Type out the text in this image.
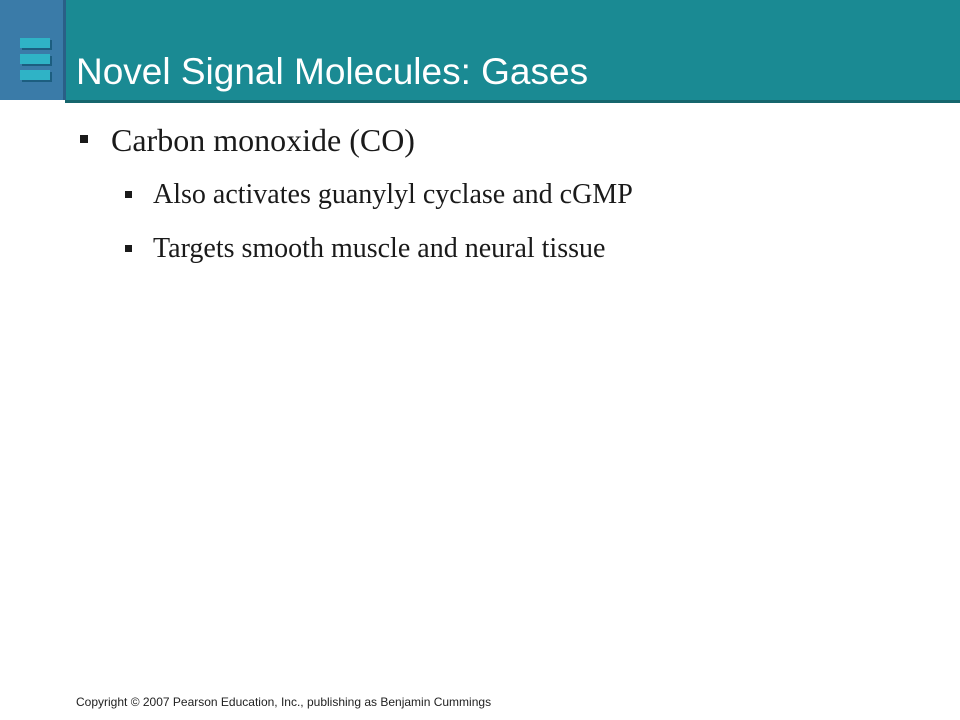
Novel Signal Molecules: Gases
Carbon monoxide (CO)
Also activates guanylyl cyclase and cGMP
Targets smooth muscle and neural tissue
Copyright © 2007 Pearson Education, Inc., publishing as Benjamin Cummings
